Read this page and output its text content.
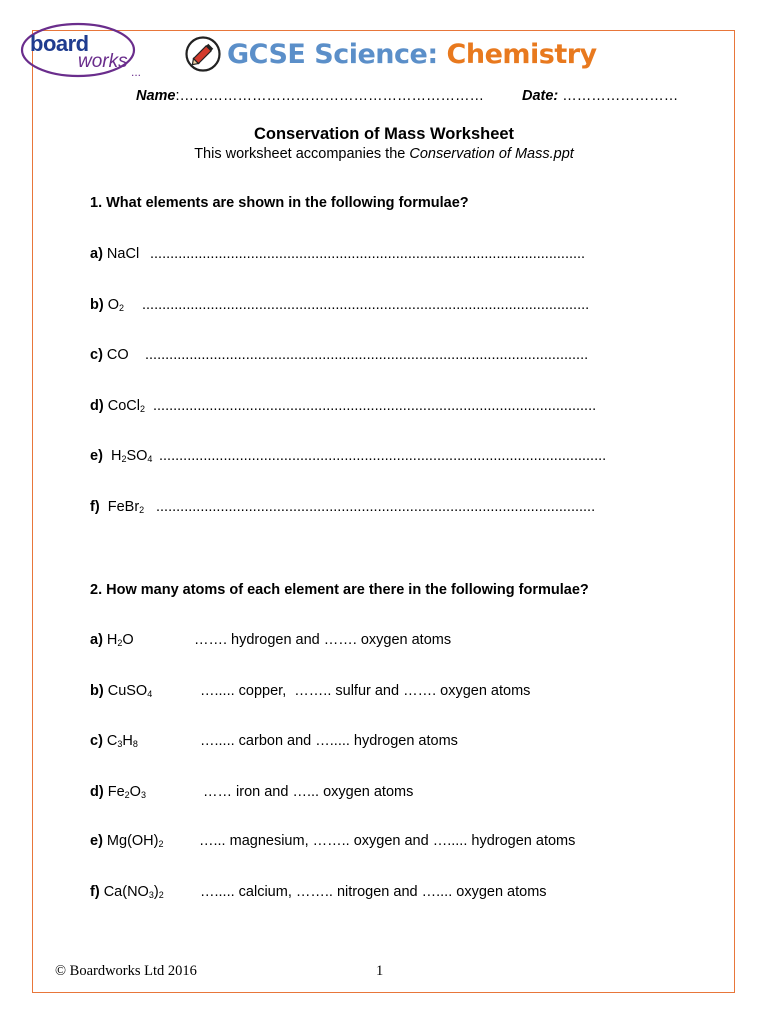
board
works ...
GCSE Science: Chemistry
Name:………………………………………………………	Date: ……………………
Conservation of Mass Worksheet
This worksheet accompanies the Conservation of Mass.ppt
1. What elements are shown in the following formulae?
a) NaCl ............................................................................................................
b) $O_2$ ...............................................................................................................
c) CO ..............................................................................................................
d) CoCl$_2$ ..............................................................................................................
e)  $H_2SO_4$ ...............................................................................................................
f)  FeBr$_2$ .............................................................................................................
2. How many atoms of each element are there in the following formulae?
a) $H_2O$	……. hydrogen and ……. oxygen atoms
b) CuSO$_4$	…..... copper,  …….. sulfur and ……. oxygen atoms
c) $C_3H_8$	…..... carbon and …..... hydrogen atoms
d) $Fe_2O_3$	…… iron and …... oxygen atoms
e) $Mg(OH)_2$ …... magnesium, …….. oxygen and …..... hydrogen atoms
f) $Ca(NO_3)_2$	…..... calcium, …….. nitrogen and ….... oxygen atoms
© Boardworks Ltd 2016	1
